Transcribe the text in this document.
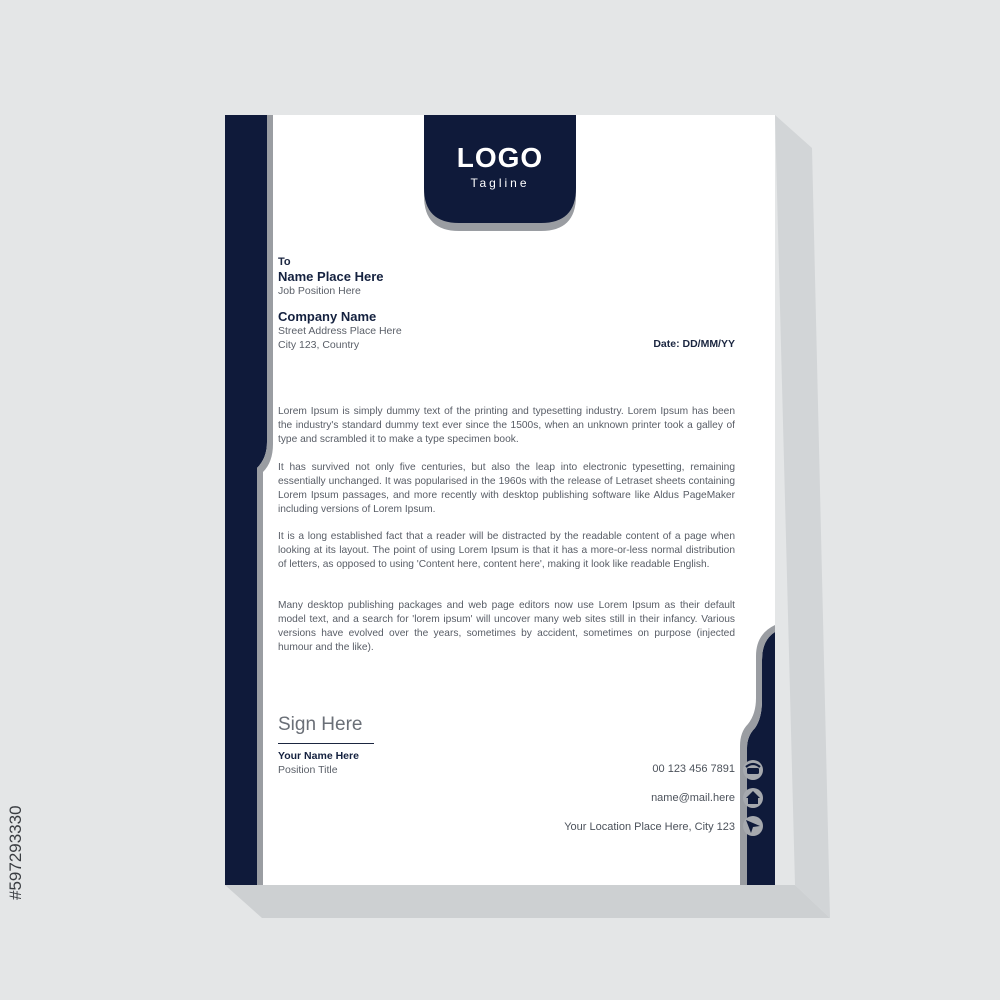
LOGO
Tagline
To
Name Place Here
Job Position Here
Company Name
Street Address Place Here
City 123, Country	Date: DD/MM/YY

Lorem Ipsum is simply dummy text of the printing and typesetting industry. Lorem Ipsum has been the industry's standard dummy text ever since the 1500s, when an unknown printer took a galley of type and scrambled it to make a type specimen book.

It has survived not only five centuries, but also the leap into electronic typesetting, remaining essentially unchanged. It was popularised in the 1960s with the release of Letraset sheets containing Lorem Ipsum passages, and more recently with desktop publishing software like Aldus PageMaker including versions of Lorem Ipsum.

It is a long established fact that a reader will be distracted by the readable content of a page when looking at its layout. The point of using Lorem Ipsum is that it has a more-or-less normal distribution of letters, as opposed to using 'Content here, content here', making it look like readable English.

Many desktop publishing packages and web page editors now use Lorem Ipsum as their default model text, and a search for 'lorem ipsum' will uncover many web sites still in their infancy. Various versions have evolved over the years, sometimes by accident, sometimes on purpose (injected humour and the like).

Sign Here
Your Name Here
Position Title	00 123 456 7891
name@mail.here
Your Location Place Here, City 123
#597293330
